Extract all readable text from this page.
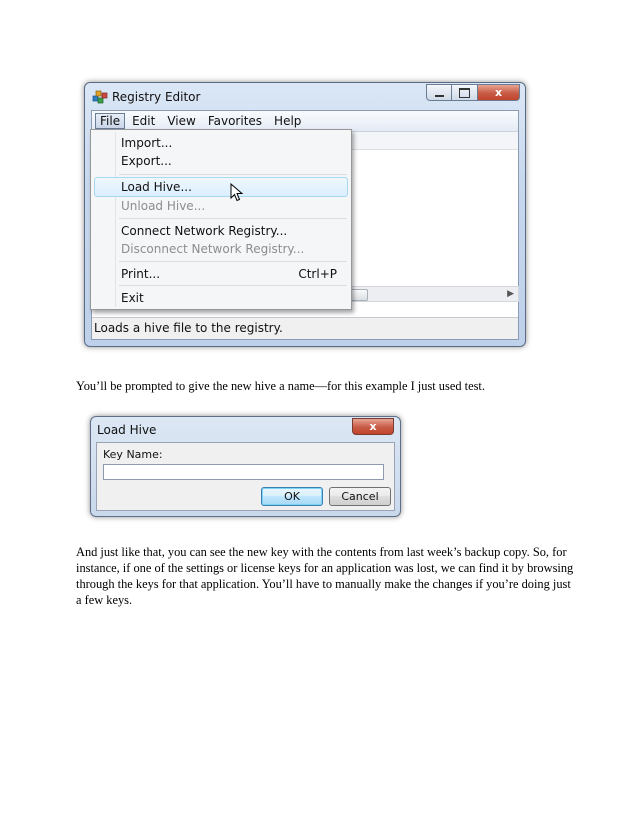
Registry Editor	x
File	Edit	View	Favorites	Help
▶
Loads a hive file to the registry.
Import...
Export...
Load Hive...
Unload Hive...
Connect Network Registry...
Disconnect Network Registry...
Print...	Ctrl+P
Exit

You’ll be prompted to give the new hive a name—for this example I just used test.

Load Hive	x
Key Name:
OK	Cancel

And just like that, you can see the new key with the contents from last week’s backup copy. So, for instance, if one of the settings or license keys for an application was lost, we can find it by browsing through the keys for that application. You’ll have to manually make the changes if you’re doing just a few keys.
